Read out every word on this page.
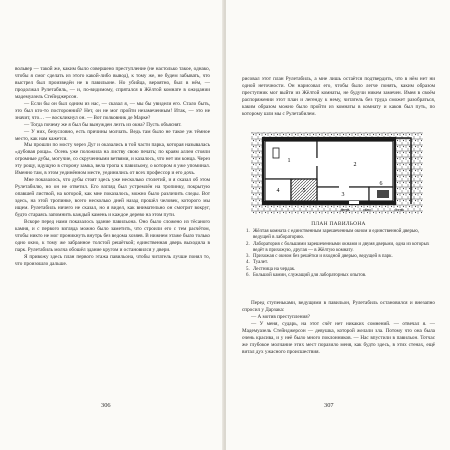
вольвер — такой же, каким было совершено преступление (не настолько такое, однако, чтобы я смог сделать из этого какой-либо вывод), к тому же, не будем забывать, что выстрел был произведён не в павильоне. Но убийца, вероятно, был в нём, — продолжал Рулетабиль, — и, по-видимому, спрятался в Жёлтой комнате в ожидании мадемуазель Стейнджерсон.

— Если бы он был одним из нас, — сказал я, — мы бы увидели его. Стало быть, это был кто-то посторонний? Нет, он не мог пройти незамеченным! Итак, — это не значит, что… — воскликнул он. — Вот полковник де Марке?

— Тогда почему же я был бы вынужден лезть из окна? Пусть объяснят.

— У них, безусловно, есть причины молчать. Ведь там было не такое уж тёмное место, как нам кажется.

Мы прошли по мосту через Дуг и оказались в той части парка, которая называлась «дубовая роща». Осень уже положила на листву свою печать; по краям аллеи стояли огромные дубы, могучие, со скрученными ветвями, и казалось, что нет им конца. Через эту рощу, идущую в сторону замка, вела тропа к павильону, о котором я уже упоминал. Именно там, в этом уединённом месте, уединились от всех профессор и его дочь.

Мне показалось, что дубы стоят здесь уже несколько столетий, и я сказал об этом Рулетабилю, но он не ответил. Его взгляд был устремлён на тропинку, покрытую опавшей листвой, на которой, как мне показалось, можно было различить следы. Вот здесь, на этой тропинке, всего несколько дней назад прошёл человек, которого мы ищем. Рулетабиль ничего не сказал, но я видел, как внимательно он смотрит вокруг, будто стараясь запомнить каждый камень и каждое дерево на этом пути.

Вскоре перед нами показалось здание павильона. Оно было сложено из тёсаного камня, и с первого взгляда можно было заметить, что строили его с тем расчётом, чтобы никто не мог проникнуть внутрь без ведома хозяев. В нижнем этаже было только одно окно, к тому же забранное толстой решёткой; единственная дверь выходила в парк. Рулетабиль молча обошёл здание кругом и остановился у двери.

Я привожу здесь план первого этажа павильона, чтобы читатель лучше понял то, что произошло дальше.

306

рисовал этот план Рулетабиль, а мне лишь остаётся подтвердить, что в нём нет ни одной неточности. Он нарисовал его, чтобы было легче понять, каким образом преступник мог выйти из Жёлтой комнаты, не будучи никем замечен. Имея в своём распоряжении этот план и легенду к нему, читатель без труда сможет разобраться, каким образом можно было пройти из комнаты в комнату и каков был путь, по которому шли мы с Рулетабилем.

1
2
3
4	5
6
дверь	окно	стена
ПЛАН ПАВИЛЬОНА
1. Жёлтая комната с единственным зарешеченным окном и единственной дверью, ведущей в лабораторию.
2. Лаборатория с большими зарешеченными окнами и двумя дверьми, одна из которых ведёт в прихожую, другая — в Жёлтую комнату.
3. Прихожая с окном без решётки и входной дверью, ведущей в парк.
4. Туалет.
5. Лестница на чердак.
6. Большой камин, служащий для лабораторных опытов.

Перед ступеньками, ведущими в павильон, Рулетабиль остановился и внезапно спросил у Дарзака:

— А мотив преступления?

— У меня, сударь, на этот счёт нет никаких сомнений. — отвечал я. — Мадемуазель Стейнджерсон — девушка, которой желали зла. Потому что она была очень красива, и у неё было много поклонников. — Нас впустили в павильон. Тотчас же глубокое молчание этих мест поразило меня, как будто здесь, в этих стенах, ещё витал дух ужасного происшествия.

307
